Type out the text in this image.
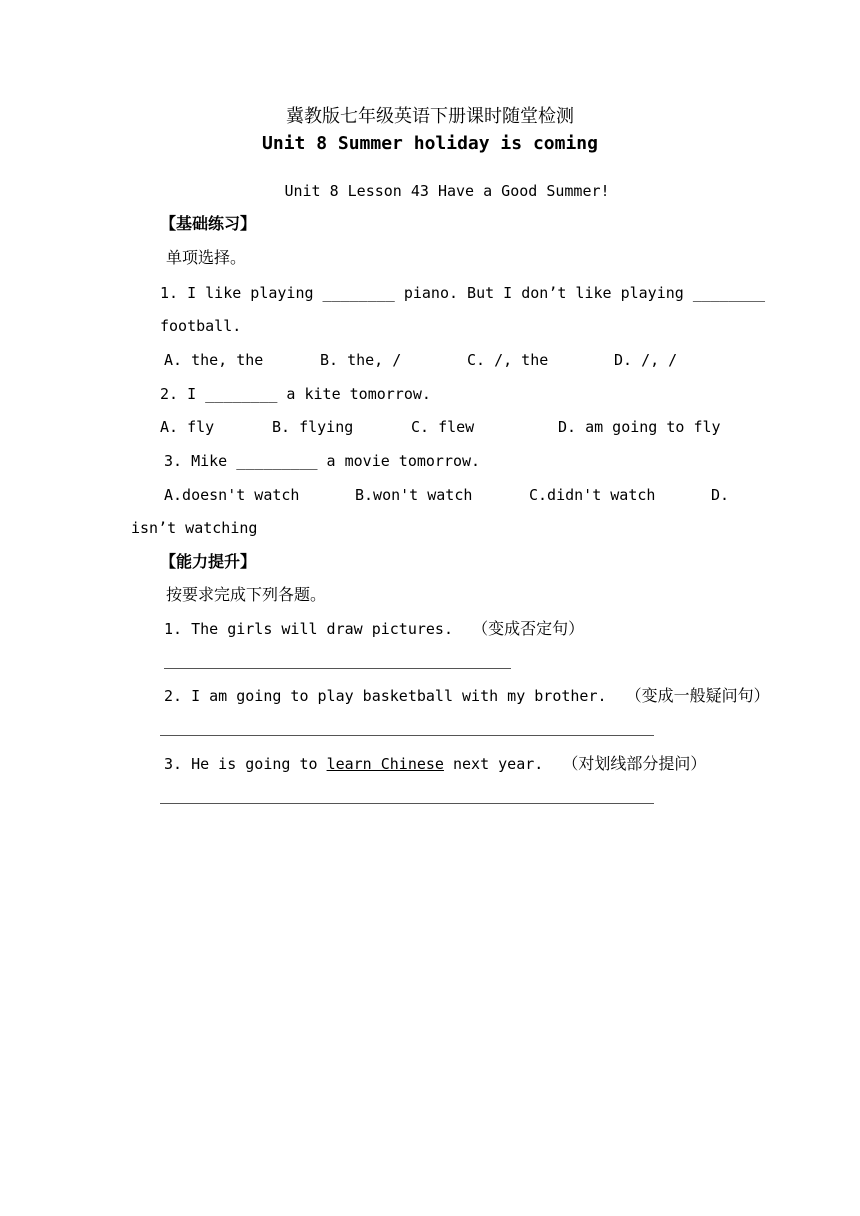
冀教版七年级英语下册课时随堂检测
Unit 8 Summer holiday is coming
Unit 8 Lesson 43 Have a Good Summer!
【基础练习】
单项选择。
1. I like playing ________ piano. But I don’t like playing ________
football.
A. the, the	B. the, /	C. /, the	D. /, /
2. I ________ a kite tomorrow.
A. fly	B. flying	C. flew	D. am going to fly
3. Mike _________ a movie tomorrow.
A.doesn't watch	B.won't watch	C.didn't watch	D.
isn’t watching
【能力提升】
按要求完成下列各题。
1. The girls will draw pictures. （变成否定句）
2. I am going to play basketball with my brother. （变成一般疑问句）
3. He is going to learn Chinese next year. （对划线部分提问）
